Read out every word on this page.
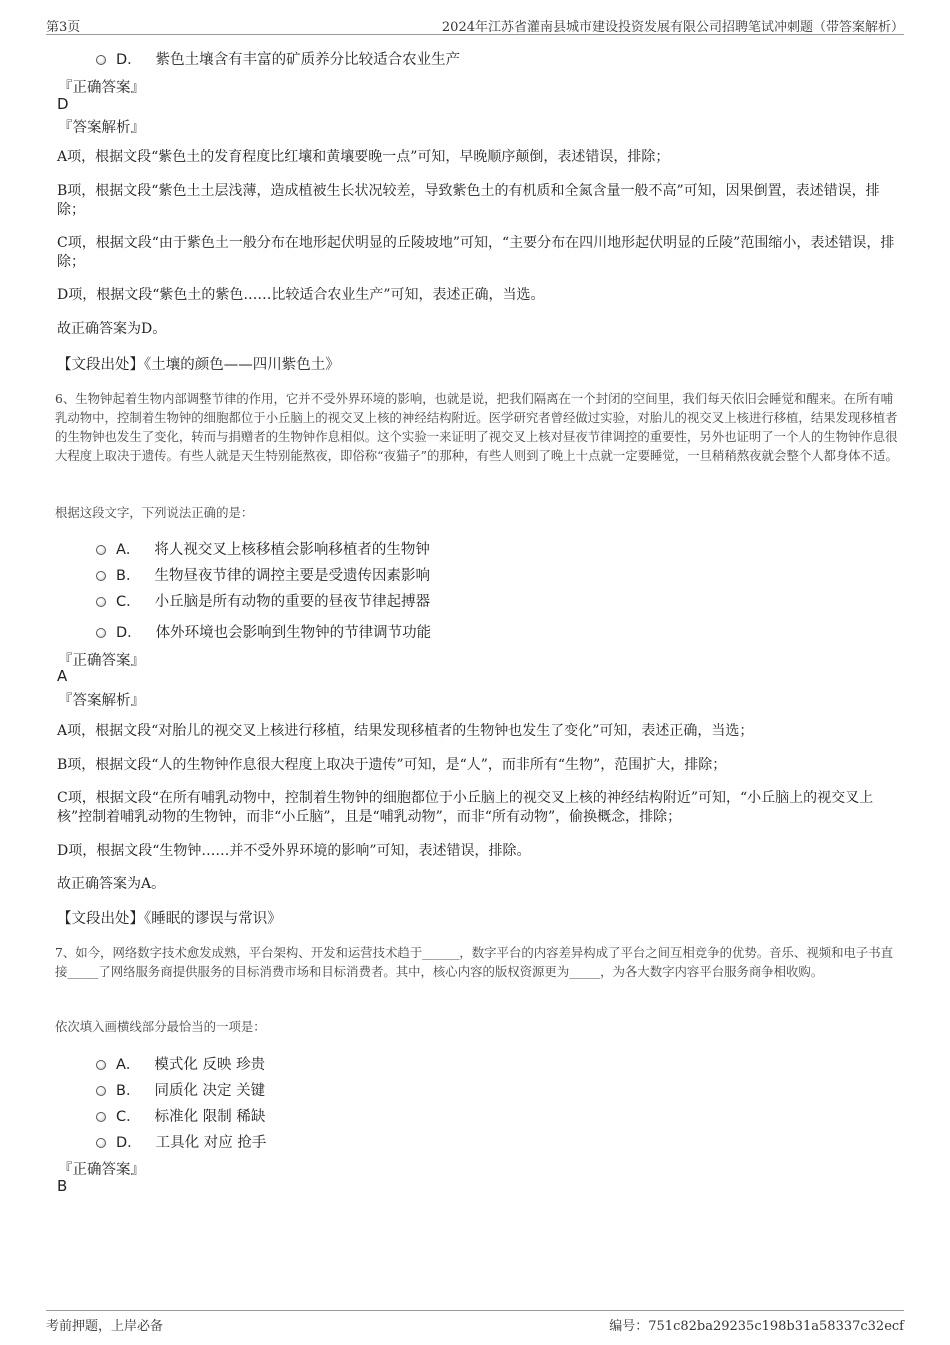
第3页	2024年江苏省灌南县城市建设投资发展有限公司招聘笔试冲刺题（带答案解析）
D． 紫色土壤含有丰富的矿质养分比较适合农业生产
『正确答案』
D
『答案解析』
A项，根据文段“紫色土的发育程度比红壤和黄壤要晚一点”可知，早晚顺序颠倒，表述错误，排除；
B项，根据文段“紫色土土层浅薄，造成植被生长状况较差，导致紫色土的有机质和全氮含量一般不高”可知，因果倒置，表述错误，排除；
C项，根据文段“由于紫色土一般分布在地形起伏明显的丘陵坡地”可知，“主要分布在四川地形起伏明显的丘陵”范围缩小，表述错误，排除；
D项，根据文段“紫色土的紫色……比较适合农业生产”可知，表述正确，当选。
故正确答案为D。
【文段出处】《土壤的颜色——四川紫色土》
6、生物钟起着生物内部调整节律的作用，它并不受外界环境的影响，也就是说，把我们隔离在一个封闭的空间里，我们每天依旧会睡觉和醒来。在所有哺乳动物中，控制着生物钟的细胞都位于小丘脑上的视交叉上核的神经结构附近。医学研究者曾经做过实验，对胎儿的视交叉上核进行移植，结果发现移植者的生物钟也发生了变化，转而与捐赠者的生物钟作息相似。这个实验一来证明了视交叉上核对昼夜节律调控的重要性，另外也证明了一个人的生物钟作息很大程度上取决于遗传。有些人就是天生特别能熬夜，即俗称“夜猫子”的那种，有些人则到了晚上十点就一定要睡觉，一旦稍稍熬夜就会整个人都身体不适。
根据这段文字，下列说法正确的是：
A． 将人视交叉上核移植会影响移植者的生物钟
B． 生物昼夜节律的调控主要是受遗传因素影响
C． 小丘脑是所有动物的重要的昼夜节律起搏器
D． 体外环境也会影响到生物钟的节律调节功能
『正确答案』
A
『答案解析』
A项，根据文段“对胎儿的视交叉上核进行移植，结果发现移植者的生物钟也发生了变化”可知，表述正确，当选；
B项，根据文段“人的生物钟作息很大程度上取决于遗传”可知，是“人”，而非所有“生物”，范围扩大，排除；
C项，根据文段“在所有哺乳动物中，控制着生物钟的细胞都位于小丘脑上的视交叉上核的神经结构附近”可知，“小丘脑上的视交叉上核”控制着哺乳动物的生物钟，而非“小丘脑”，且是“哺乳动物”，而非“所有动物”，偷换概念，排除；
D项，根据文段“生物钟……并不受外界环境的影响”可知，表述错误，排除。
故正确答案为A。
【文段出处】《睡眠的谬误与常识》
7、如今，网络数字技术愈发成熟，平台架构、开发和运营技术趋于______，数字平台的内容差异构成了平台之间互相竞争的优势。音乐、视频和电子书直接_____了网络服务商提供服务的目标消费市场和目标消费者。其中，核心内容的版权资源更为_____，为各大数字内容平台服务商争相收购。
依次填入画横线部分最恰当的一项是：
A． 模式化 反映 珍贵
B． 同质化 决定 关键
C． 标准化 限制 稀缺
D． 工具化 对应 抢手
『正确答案』
B
考前押题，上岸必备	编号：751c82ba29235c198b31a58337c32ecf
